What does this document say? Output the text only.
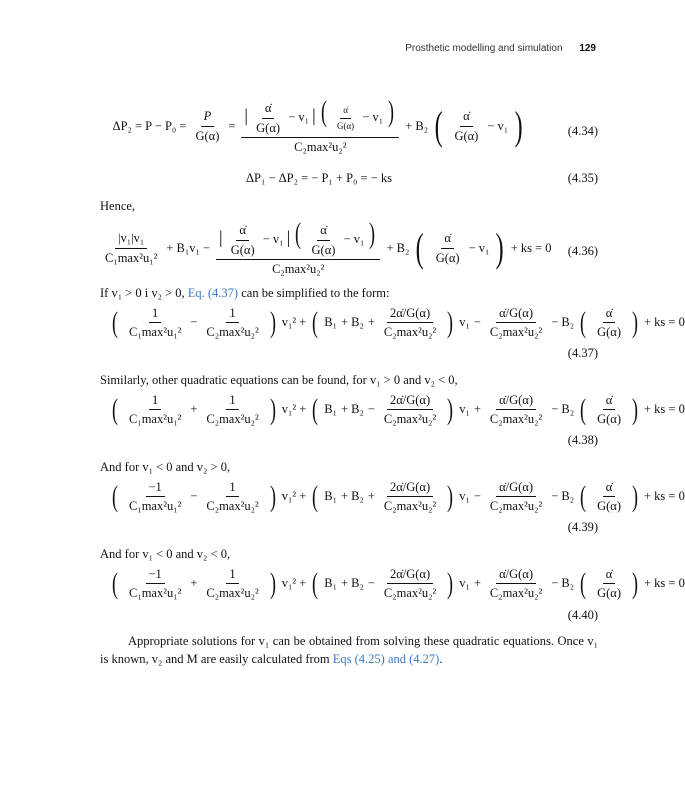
Prosthetic modelling and simulation 129
$\Delta P_2 = P - P_0 = \frac{P}{G(\alpha)}$ =
| $\frac{\alphȧ}{G(\alpha)} - v_1$ | ( $\frac{\alphȧ}{G(\alpha)} - v_1$ )
C₂max²u₂²
+ B₂ ( $\frac{\alphȧ}{G(\alpha)} - v_1$ )	(4.34)
ΔP₁ − ΔP₂ = − P₁ + P₀ = − ks	(4.35)
Hence,
$\frac{\text{|v₁|v₁}}{\text{C₁max²u₁²}} + B_1v_1$ −
| $\frac{\alphȧ}{G(\alpha)} - v_1$ | ( $\frac{\alphȧ}{G(\alpha)} - v_1$ )
C₂max²u₂²
+ B₂ ( $\frac{\alphȧ}{G(\alpha)} - v_1$ ) + ks = 0 (4.36)
If v₁ > 0 i v₂ > 0, Eq. (4.37) can be simplified to the form:
( $\frac{1}{\text{C₁max²u₁²}} - \frac{1}{\text{C₂max²u₂²}}$ ) v₁² + ( $B_1 + B_2 + \frac{2\alphȧ/G(\alpha)}{\text{C₂max²u₂²}}$ ) $v_1 - \frac{\alphȧ/G(\alpha)}{\text{C₂max²u₂²}} - B_2$ ( $\frac{\alphȧ}{G(\alpha)}$ ) + ks = 0
(4.37)
Similarly, other quadratic equations can be found, for v₁ > 0 and v₂ < 0,
( $\frac{1}{\text{C₁max²u₁²}} + \frac{1}{\text{C₂max²u₂²}}$ ) v₁² + ( $B_1 + B_2 - \frac{2\alphȧ/G(\alpha)}{\text{C₂max²u₂²}}$ ) $v_1 + \frac{\alphȧ/G(\alpha)}{\text{C₂max²u₂²}} - B_2$ ( $\frac{\alphȧ}{G(\alpha)}$ ) + ks = 0
(4.38)
And for v₁ < 0 and v₂ > 0,
( $\frac{-1}{\text{C₁max²u₁²}} - \frac{1}{\text{C₂max²u₂²}}$ ) v₁² + ( $B_1 + B_2 + \frac{2\alphȧ/G(\alpha)}{\text{C₂max²u₂²}}$ ) $v_1 - \frac{\alphȧ/G(\alpha)}{\text{C₂max²u₂²}} - B_2$ ( $\frac{\alphȧ}{G(\alpha)}$ ) + ks = 0
(4.39)
And for v₁ < 0 and v₂ < 0,
( $\frac{-1}{\text{C₁max²u₁²}} + \frac{1}{\text{C₂max²u₂²}}$ ) v₁² + ( $B_1 + B_2 - \frac{2\alphȧ/G(\alpha)}{\text{C₂max²u₂²}}$ ) $v_1 + \frac{\alphȧ/G(\alpha)}{\text{C₂max²u₂²}} - B_2$ ( $\frac{\alphȧ}{G(\alpha)}$ ) + ks = 0
(4.40)
Appropriate solutions for v₁ can be obtained from solving these quadratic equations. Once v₁ is known, v₂ and M are easily calculated from Eqs (4.25) and (4.27).
